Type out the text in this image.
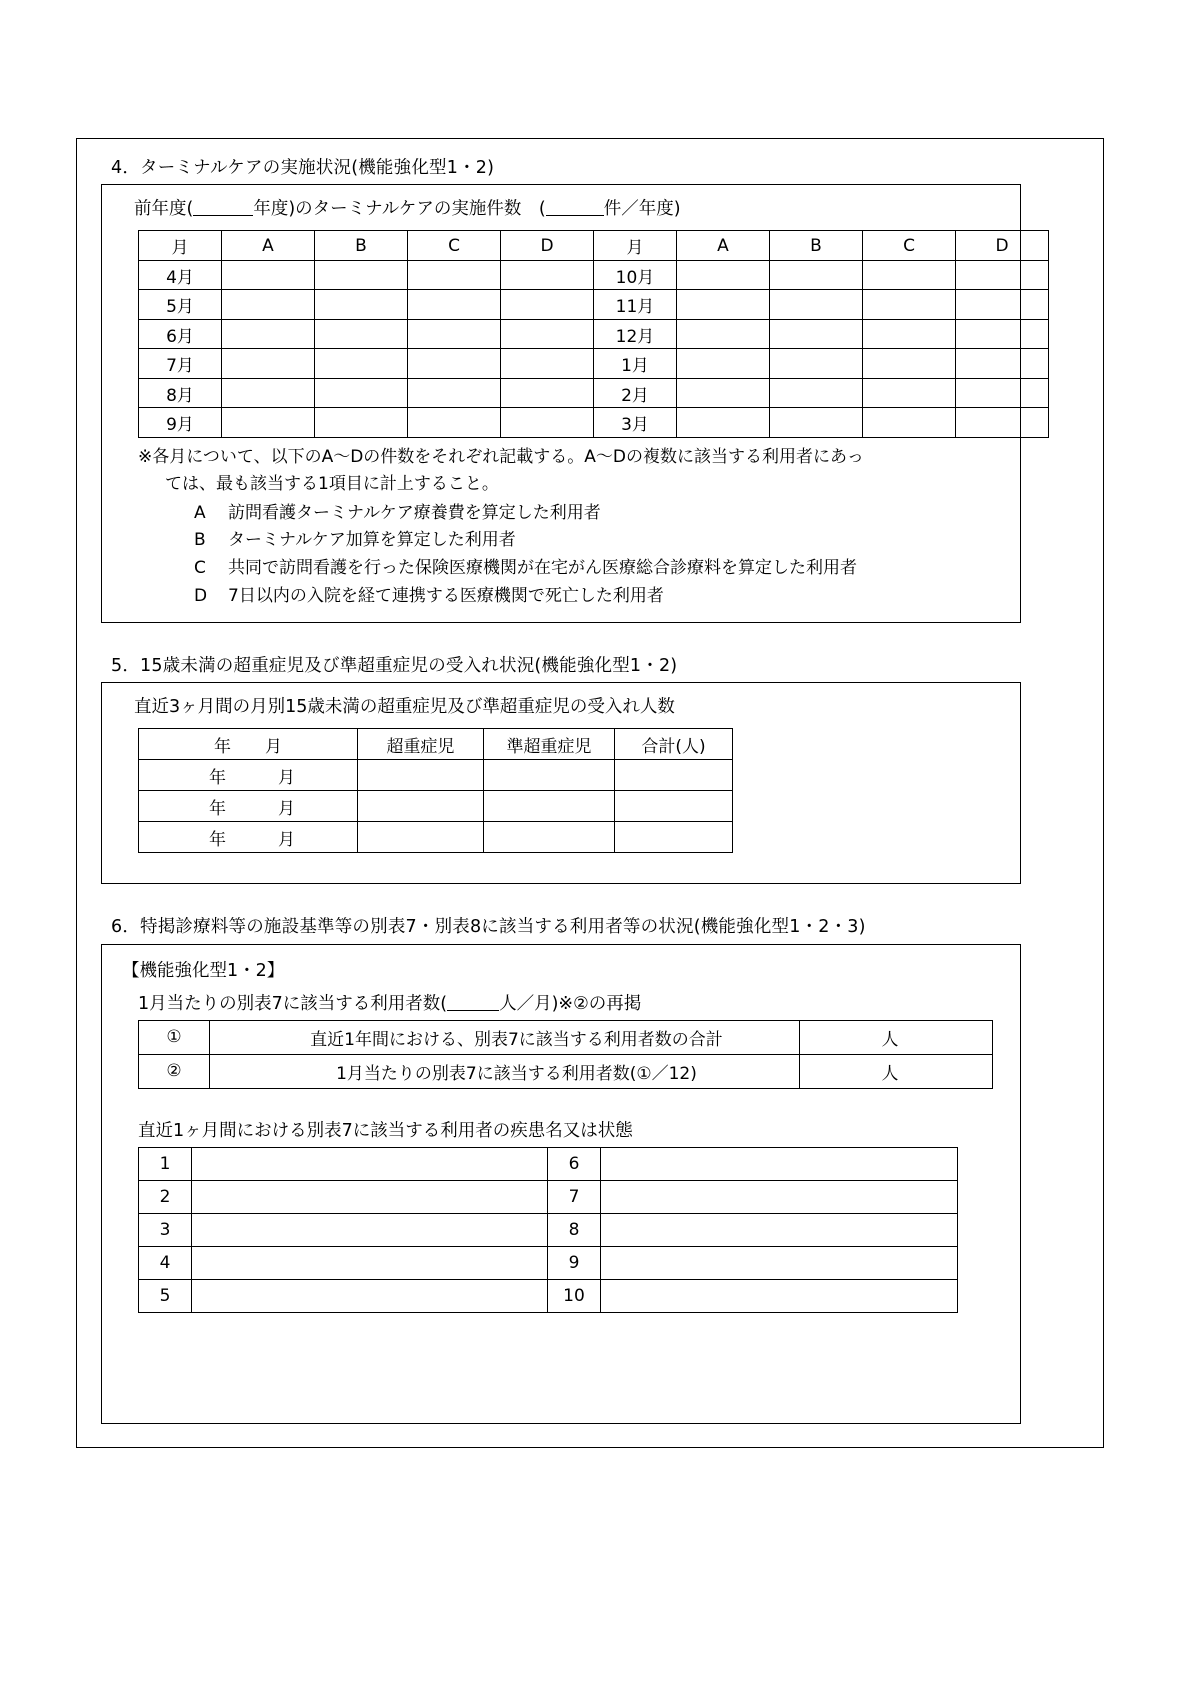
4．ターミナルケアの実施状況(機能強化型1・2)
前年度(	年度)のターミナルケアの実施件数　(	件／年度)
月	A	B	C	D	月	A	B	C	D
4月					10月				
5月					11月				
6月					12月				
7月					1月				
8月					2月				
9月					3月				
※各月について、以下のA〜Dの件数をそれぞれ記載する。A〜Dの複数に該当する利用者にあっ
ては、最も該当する1項目に計上すること。
A 訪問看護ターミナルケア療養費を算定した利用者
B ターミナルケア加算を算定した利用者
C 共同で訪問看護を行った保険医療機関が在宅がん医療総合診療料を算定した利用者
D 7日以内の入院を経て連携する医療機関で死亡した利用者
5．15歳未満の超重症児及び準超重症児の受入れ状況(機能強化型1・2)
直近3ヶ月間の月別15歳未満の超重症児及び準超重症児の受入れ人数
年　　月	超重症児	準超重症児	合計(人)
年 月			
年 月			
年 月			
6．特掲診療料等の施設基準等の別表7・別表8に該当する利用者等の状況(機能強化型1・2・3)
【機能強化型1・2】
1月当たりの別表7に該当する利用者数(	人／月)※②の再掲
①	直近1年間における、別表7に該当する利用者数の合計	人
②	1月当たりの別表7に該当する利用者数(①／12)	人
直近1ヶ月間における別表7に該当する利用者の疾患名又は状態
1		6	
2		7	
3		8	
4		9	
5		10	
